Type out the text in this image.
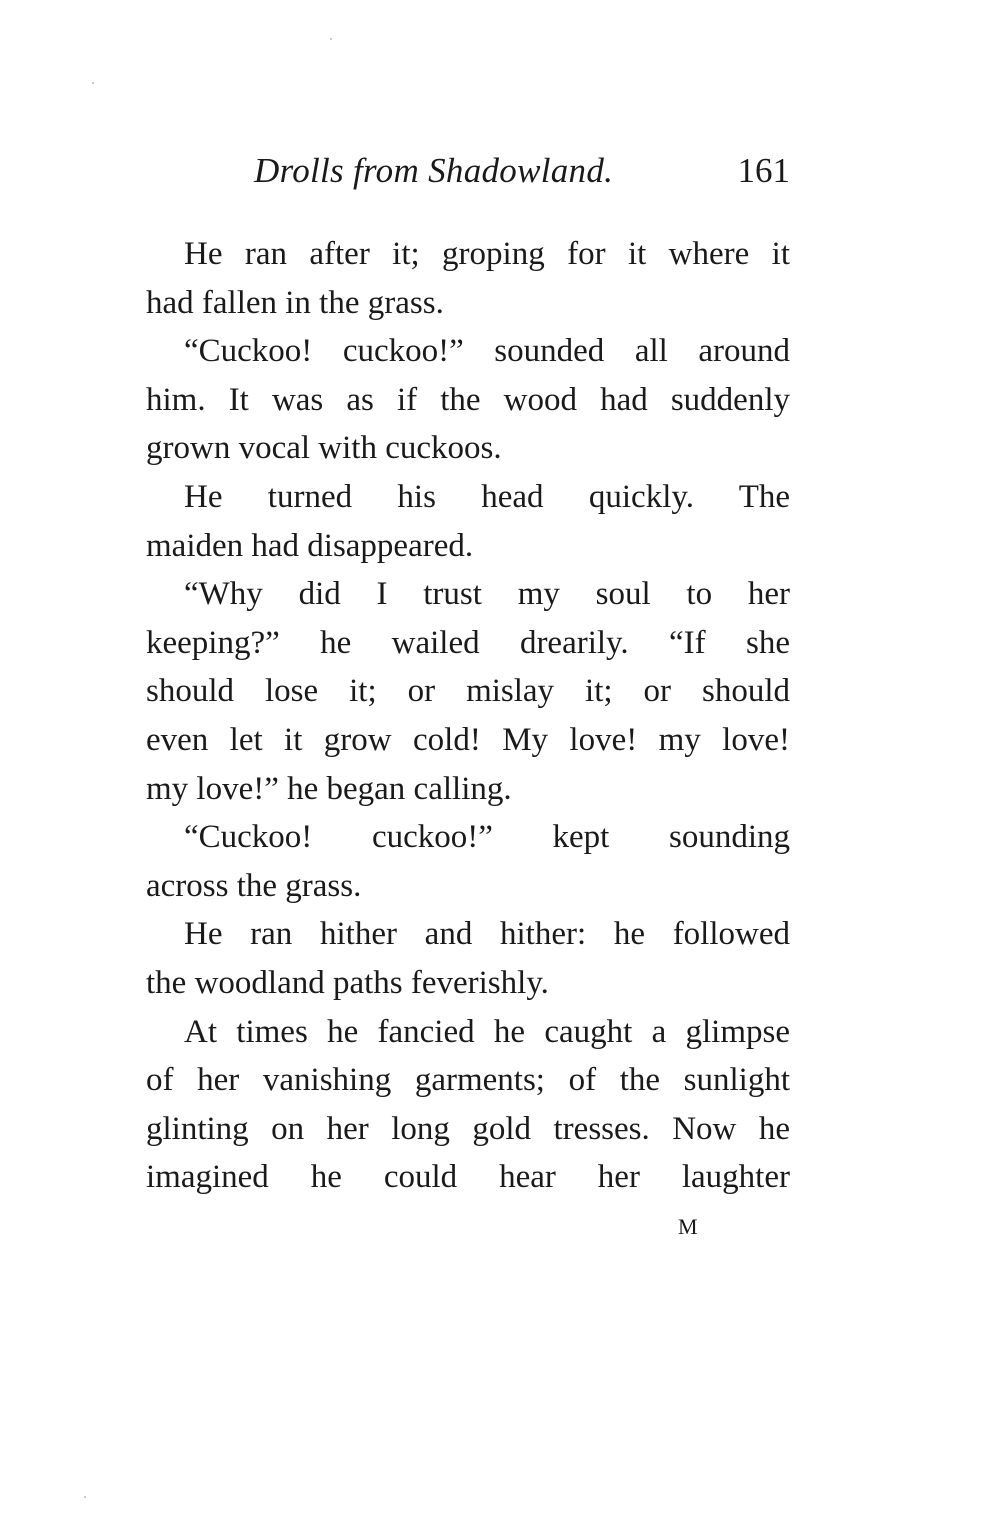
Drolls from Shadowland.	161

He ran after it; groping for it where it
had fallen in the grass.

“Cuckoo! cuckoo!” sounded all around
him. It was as if the wood had suddenly
grown vocal with cuckoos.

He turned his head quickly. The
maiden had disappeared.

“Why did I trust my soul to her
keeping?” he wailed drearily. “If she
should lose it; or mislay it; or should
even let it grow cold! My love! my love!
my love!” he began calling.

“Cuckoo! cuckoo!” kept sounding
across the grass.

He ran hither and hither: he followed
the woodland paths feverishly.

At times he fancied he caught a glimpse
of her vanishing garments; of the sunlight
glinting on her long gold tresses. Now he
imagined he could hear her laughter

M
